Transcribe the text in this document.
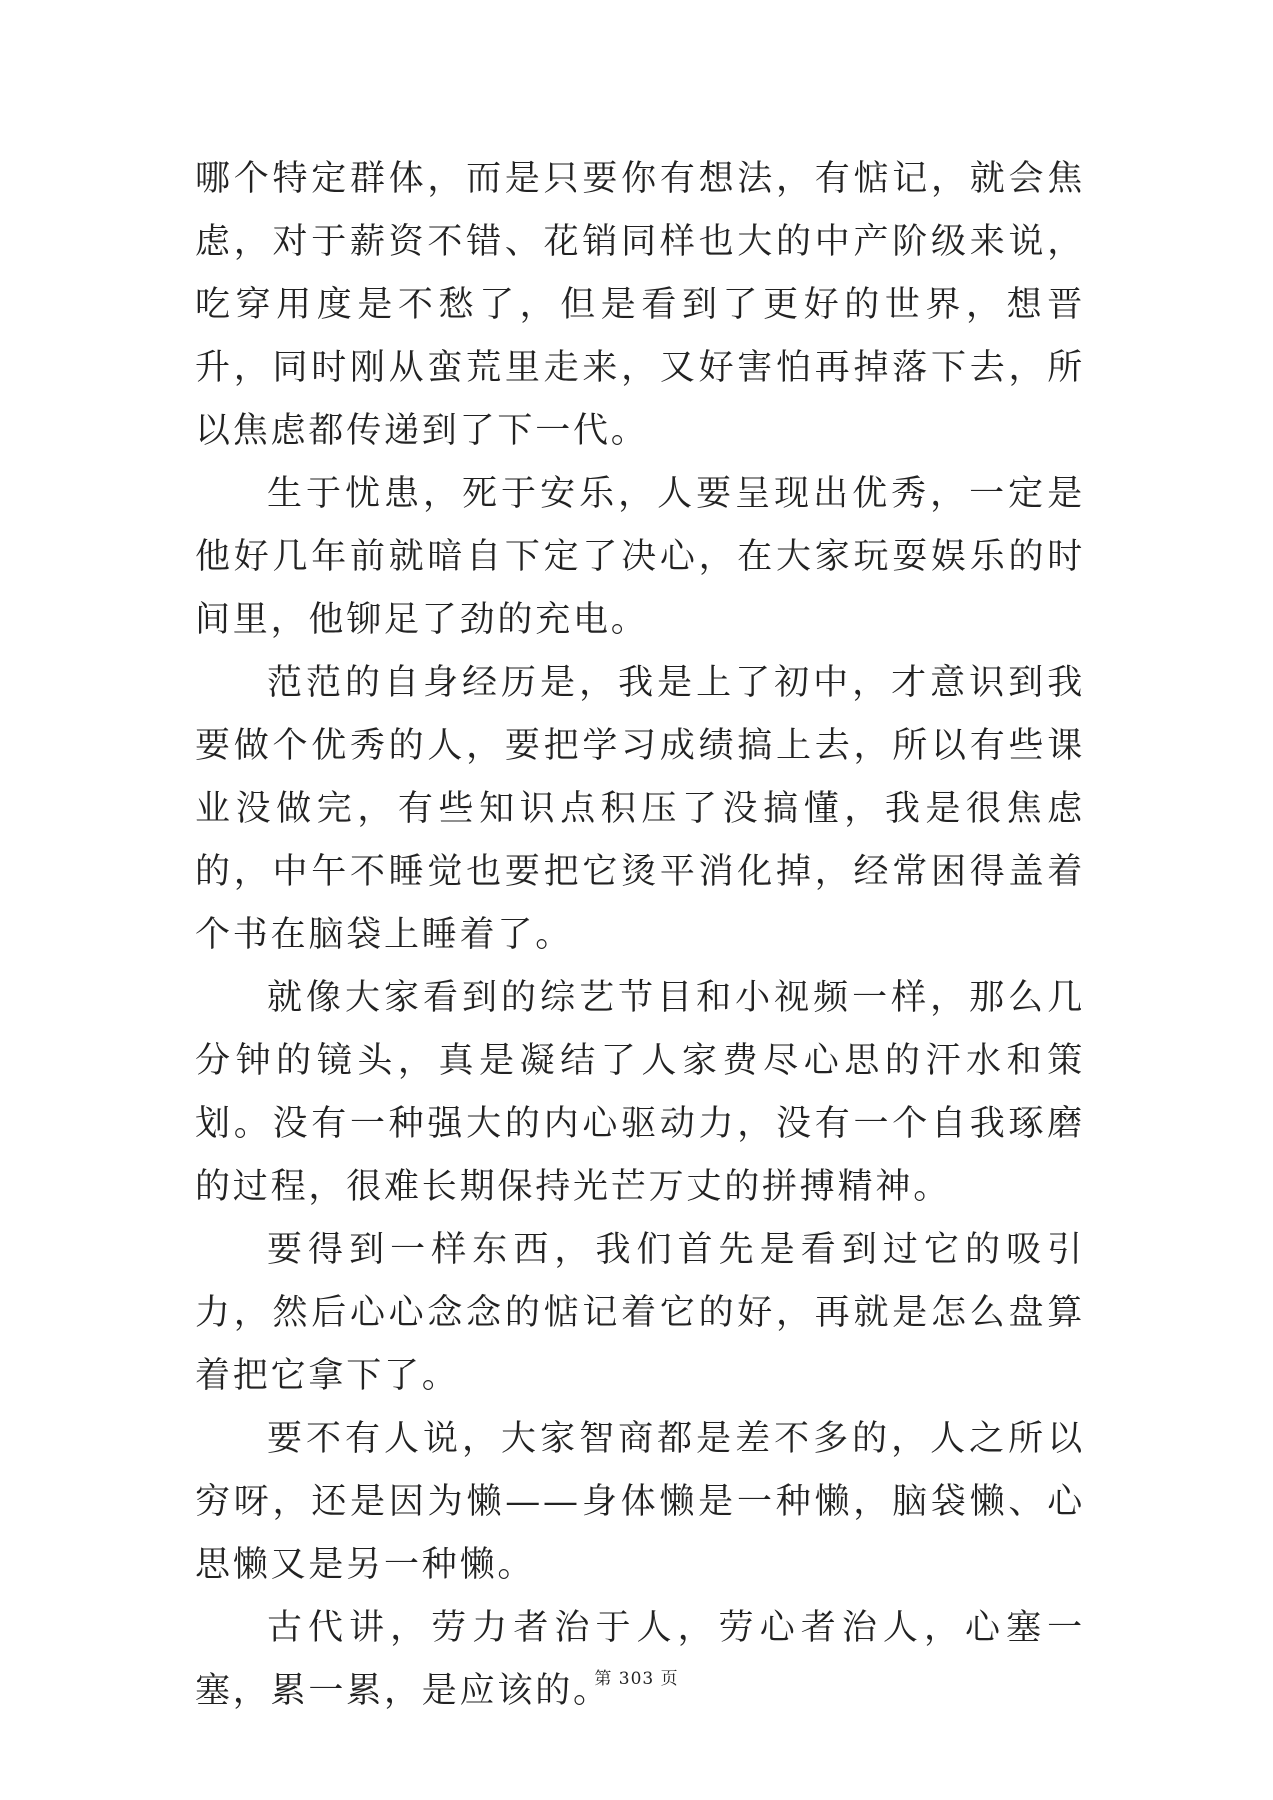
哪个特定群体，而是只要你有想法，有惦记，就会焦虑，对于薪资不错、花销同样也大的中产阶级来说，吃穿用度是不愁了，但是看到了更好的世界，想晋升，同时刚从蛮荒里走来，又好害怕再掉落下去，所以焦虑都传递到了下一代。

生于忧患，死于安乐，人要呈现出优秀，一定是他好几年前就暗自下定了决心，在大家玩耍娱乐的时间里，他铆足了劲的充电。

范范的自身经历是，我是上了初中，才意识到我要做个优秀的人，要把学习成绩搞上去，所以有些课业没做完，有些知识点积压了没搞懂，我是很焦虑的，中午不睡觉也要把它烫平消化掉，经常困得盖着个书在脑袋上睡着了。

就像大家看到的综艺节目和小视频一样，那么几分钟的镜头，真是凝结了人家费尽心思的汗水和策划。没有一种强大的内心驱动力，没有一个自我琢磨的过程，很难长期保持光芒万丈的拼搏精神。

要得到一样东西，我们首先是看到过它的吸引力，然后心心念念的惦记着它的好，再就是怎么盘算着把它拿下了。

要不有人说，大家智商都是差不多的，人之所以穷呀，还是因为懒——身体懒是一种懒，脑袋懒、心思懒又是另一种懒。

古代讲，劳力者治于人，劳心者治人，心塞一塞，累一累，是应该的。

第 303 页
